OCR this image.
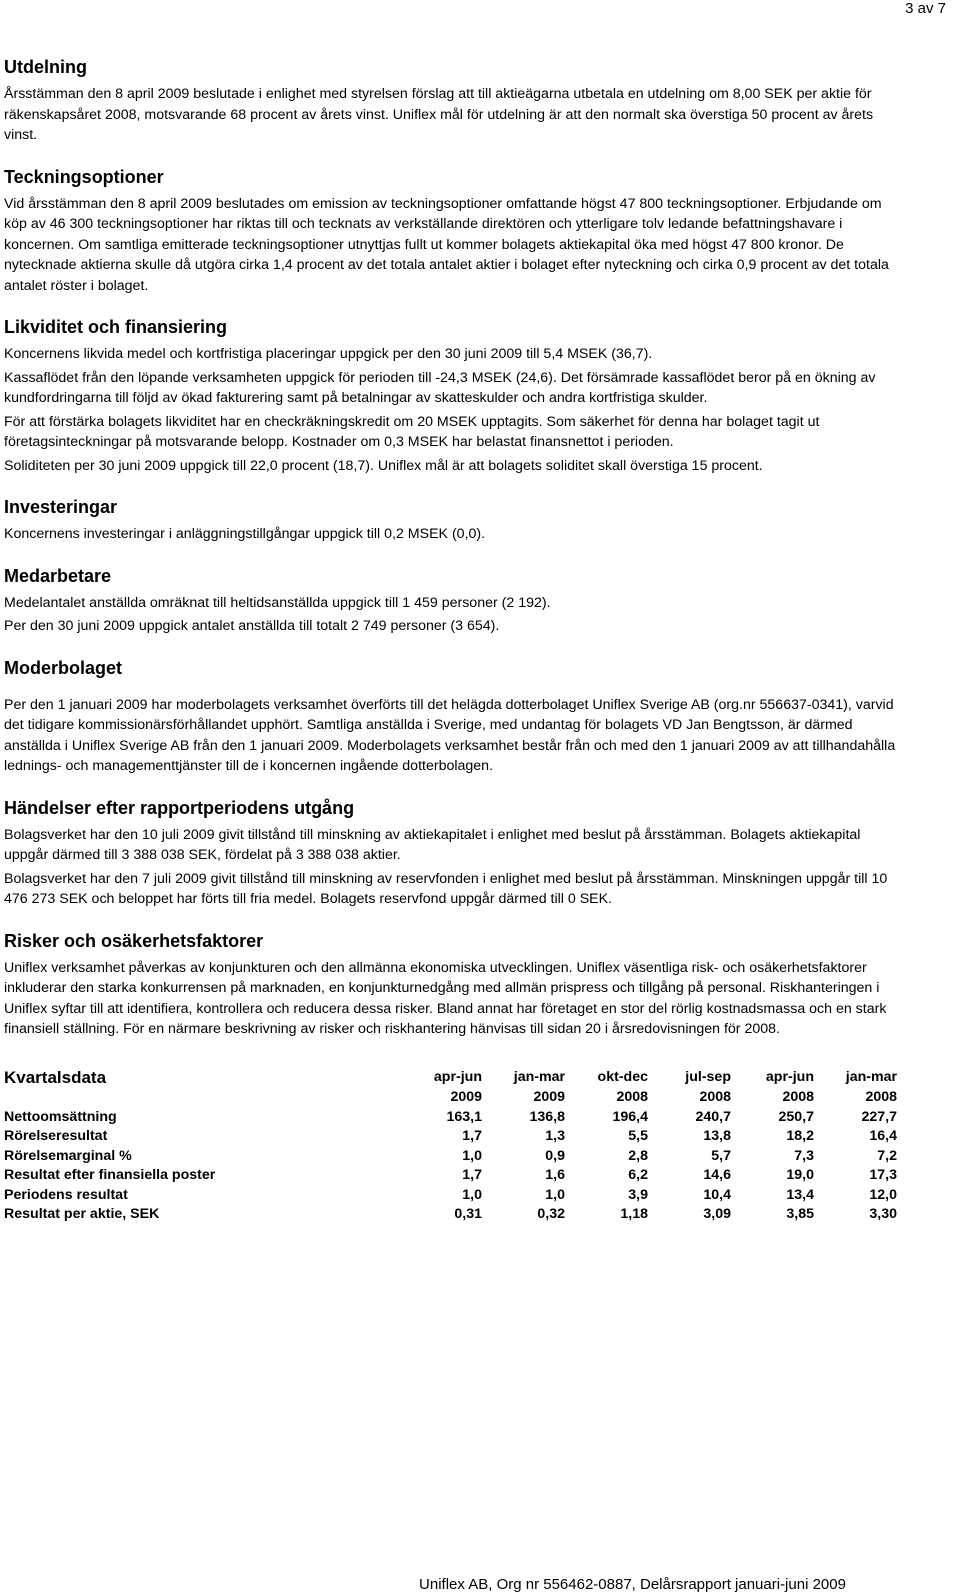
3 av 7
Utdelning

Årsstämman den 8 april 2009 beslutade i enlighet med styrelsen förslag att till aktieägarna utbetala en utdelning om 8,00 SEK per aktie för räkenskapsåret 2008, motsvarande 68 procent av årets vinst. Uniflex mål för utdelning är att den normalt ska överstiga 50 procent av årets vinst.

Teckningsoptioner

Vid årsstämman den 8 april 2009 beslutades om emission av teckningsoptioner omfattande högst 47 800 teckningsoptioner. Erbjudande om köp av 46 300 teckningsoptioner har riktas till och tecknats av verkställande direktören och ytterligare tolv ledande befattningshavare i koncernen. Om samtliga emitterade teckningsoptioner utnyttjas fullt ut kommer bolagets aktiekapital öka med högst 47 800 kronor. De nytecknade aktierna skulle då utgöra cirka 1,4 procent av det totala antalet aktier i bolaget efter nyteckning och cirka 0,9 procent av det totala antalet röster i bolaget.

Likviditet och finansiering

Koncernens likvida medel och kortfristiga placeringar uppgick per den 30 juni 2009 till 5,4 MSEK (36,7).

Kassaflödet från den löpande verksamheten uppgick för perioden till -24,3 MSEK (24,6). Det försämrade kassaflödet beror på en ökning av kundfordringarna till följd av ökad fakturering samt på betalningar av skatteskulder och andra kortfristiga skulder.

För att förstärka bolagets likviditet har en checkräkningskredit om 20 MSEK upptagits. Som säkerhet för denna har bolaget tagit ut företagsinteckningar på motsvarande belopp. Kostnader om 0,3 MSEK har belastat finansnettot i perioden.

Soliditeten per 30 juni 2009 uppgick till 22,0 procent (18,7). Uniflex mål är att bolagets soliditet skall överstiga 15 procent.

Investeringar

Koncernens investeringar i anläggningstillgångar uppgick till 0,2 MSEK (0,0).

Medarbetare

Medelantalet anställda omräknat till heltidsanställda uppgick till 1 459 personer (2 192).

Per den 30 juni 2009 uppgick antalet anställda till totalt 2 749 personer (3 654).

Moderbolaget

Per den 1 januari 2009 har moderbolagets verksamhet överförts till det helägda dotterbolaget Uniflex Sverige AB (org.nr 556637-0341), varvid det tidigare kommissionärsförhållandet upphört. Samtliga anställda i Sverige, med undantag för bolagets VD Jan Bengtsson, är därmed anställda i Uniflex Sverige AB från den 1 januari 2009. Moderbolagets verksamhet består från och med den 1 januari 2009 av att tillhandahålla lednings- och managementtjänster till de i koncernen ingående dotterbolagen.

Händelser efter rapportperiodens utgång

Bolagsverket har den 10 juli 2009 givit tillstånd till minskning av aktiekapitalet i enlighet med beslut på årsstämman. Bolagets aktiekapital uppgår därmed till 3 388 038 SEK, fördelat på 3 388 038 aktier.

Bolagsverket har den 7 juli 2009 givit tillstånd till minskning av reservfonden i enlighet med beslut på årsstämman. Minskningen uppgår till 10 476 273 SEK och beloppet har förts till fria medel. Bolagets reservfond uppgår därmed till 0 SEK.

Risker och osäkerhetsfaktorer

Uniflex verksamhet påverkas av konjunkturen och den allmänna ekonomiska utvecklingen. Uniflex väsentliga risk- och osäkerhetsfaktorer inkluderar den starka konkurrensen på marknaden, en konjunkturnedgång med allmän prispress och tillgång på personal. Riskhanteringen i Uniflex syftar till att identifiera, kontrollera och reducera dessa risker. Bland annat har företaget en stor del rörlig kostnadsmassa och en stark finansiell ställning. För en närmare beskrivning av risker och riskhantering hänvisas till sidan 20 i årsredovisningen för 2008.

Kvartalsdata	apr-jun	jan-mar	okt-dec	jul-sep	apr-jun	jan-mar
	2009	2009	2008	2008	2008	2008
Nettoomsättning	163,1	136,8	196,4	240,7	250,7	227,7
Rörelseresultat	1,7	1,3	5,5	13,8	18,2	16,4
Rörelsemarginal %	1,0	0,9	2,8	5,7	7,3	7,2
Resultat efter finansiella poster	1,7	1,6	6,2	14,6	19,0	17,3
Periodens resultat	1,0	1,0	3,9	10,4	13,4	12,0
Resultat per aktie, SEK	0,31	0,32	1,18	3,09	3,85	3,30
Uniflex AB, Org nr 556462-0887, Delårsrapport januari-juni 2009
